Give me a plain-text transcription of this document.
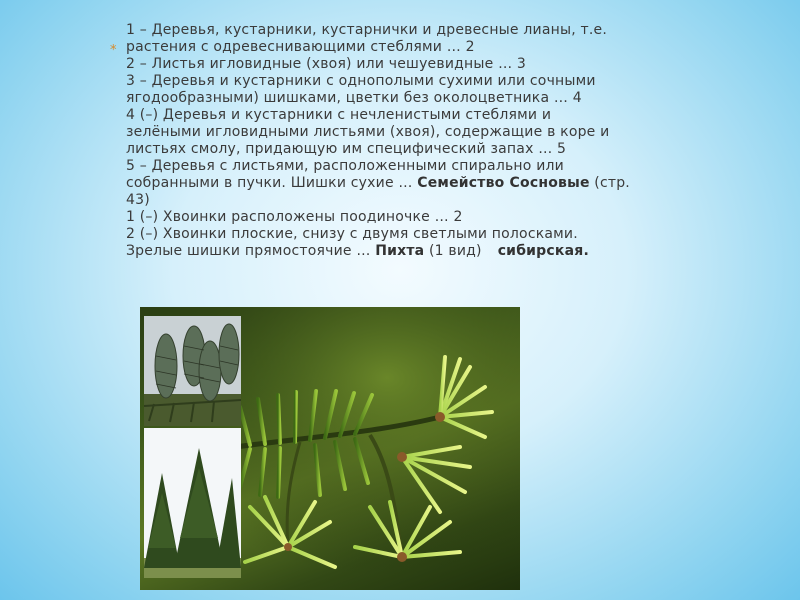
*
1 – Деревья, кустарники, кустарнички и древесные лианы, т.е.
растения с одревеснивающими стеблями … 2
2 – Листья игловидные (хвоя) или чешуевидные … 3
3 – Деревья и кустарники с однополыми сухими или сочными
ягодообразными) шишками, цветки без околоцветника … 4
4 (–) Деревья и кустарники с нечленистыми стеблями и
зелёными игловидными листьями (хвоя), содержащие в коре и
листьях смолу, придающую им специфический запах … 5
5 – Деревья с листьями, расположенными спирально или
собранными в пучки. Шишки сухие … Семейство Сосновые (стр.
43)
1 (–) Хвоинки расположены поодиночке … 2
2 (–) Хвоинки плоские, снизу с двумя светлыми полосками.
Зрелые шишки прямостоячие … Пихта (1 вид) сибирская.
